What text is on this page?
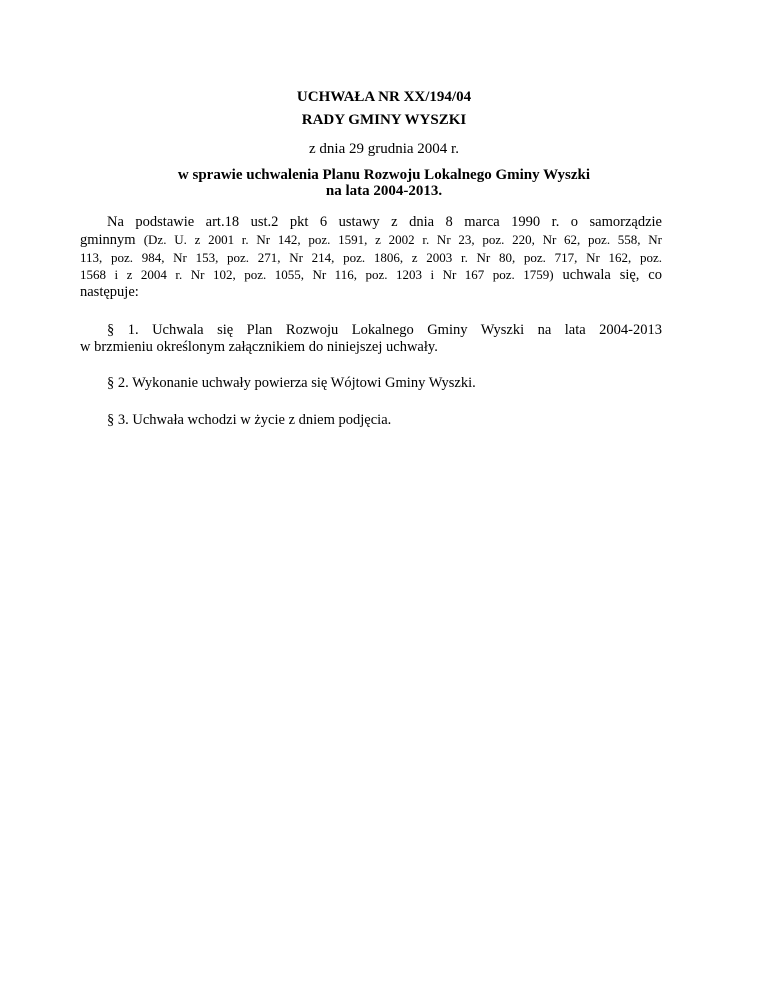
UCHWAŁA NR XX/194/04
RADY GMINY WYSZKI
z dnia 29 grudnia 2004 r.
w sprawie uchwalenia Planu Rozwoju Lokalnego Gminy Wyszki
na lata 2004-2013.
Na podstawie art.18 ust.2 pkt 6 ustawy z dnia 8 marca 1990 r. o samorządzie
gminnym (Dz. U. z 2001 r. Nr 142, poz. 1591, z 2002 r. Nr 23, poz. 220, Nr 62, poz. 558, Nr
113, poz. 984, Nr 153, poz. 271, Nr 214, poz. 1806, z 2003 r. Nr 80, poz. 717, Nr 162, poz.
1568 i z 2004 r. Nr 102, poz. 1055, Nr 116, poz. 1203 i Nr 167 poz. 1759) uchwala się, co
następuje:
§ 1. Uchwala się Plan Rozwoju Lokalnego Gminy Wyszki na lata 2004-2013
w brzmieniu określonym załącznikiem do niniejszej uchwały.
§ 2. Wykonanie uchwały powierza się Wójtowi Gminy Wyszki.
§ 3. Uchwała wchodzi w życie z dniem podjęcia.
